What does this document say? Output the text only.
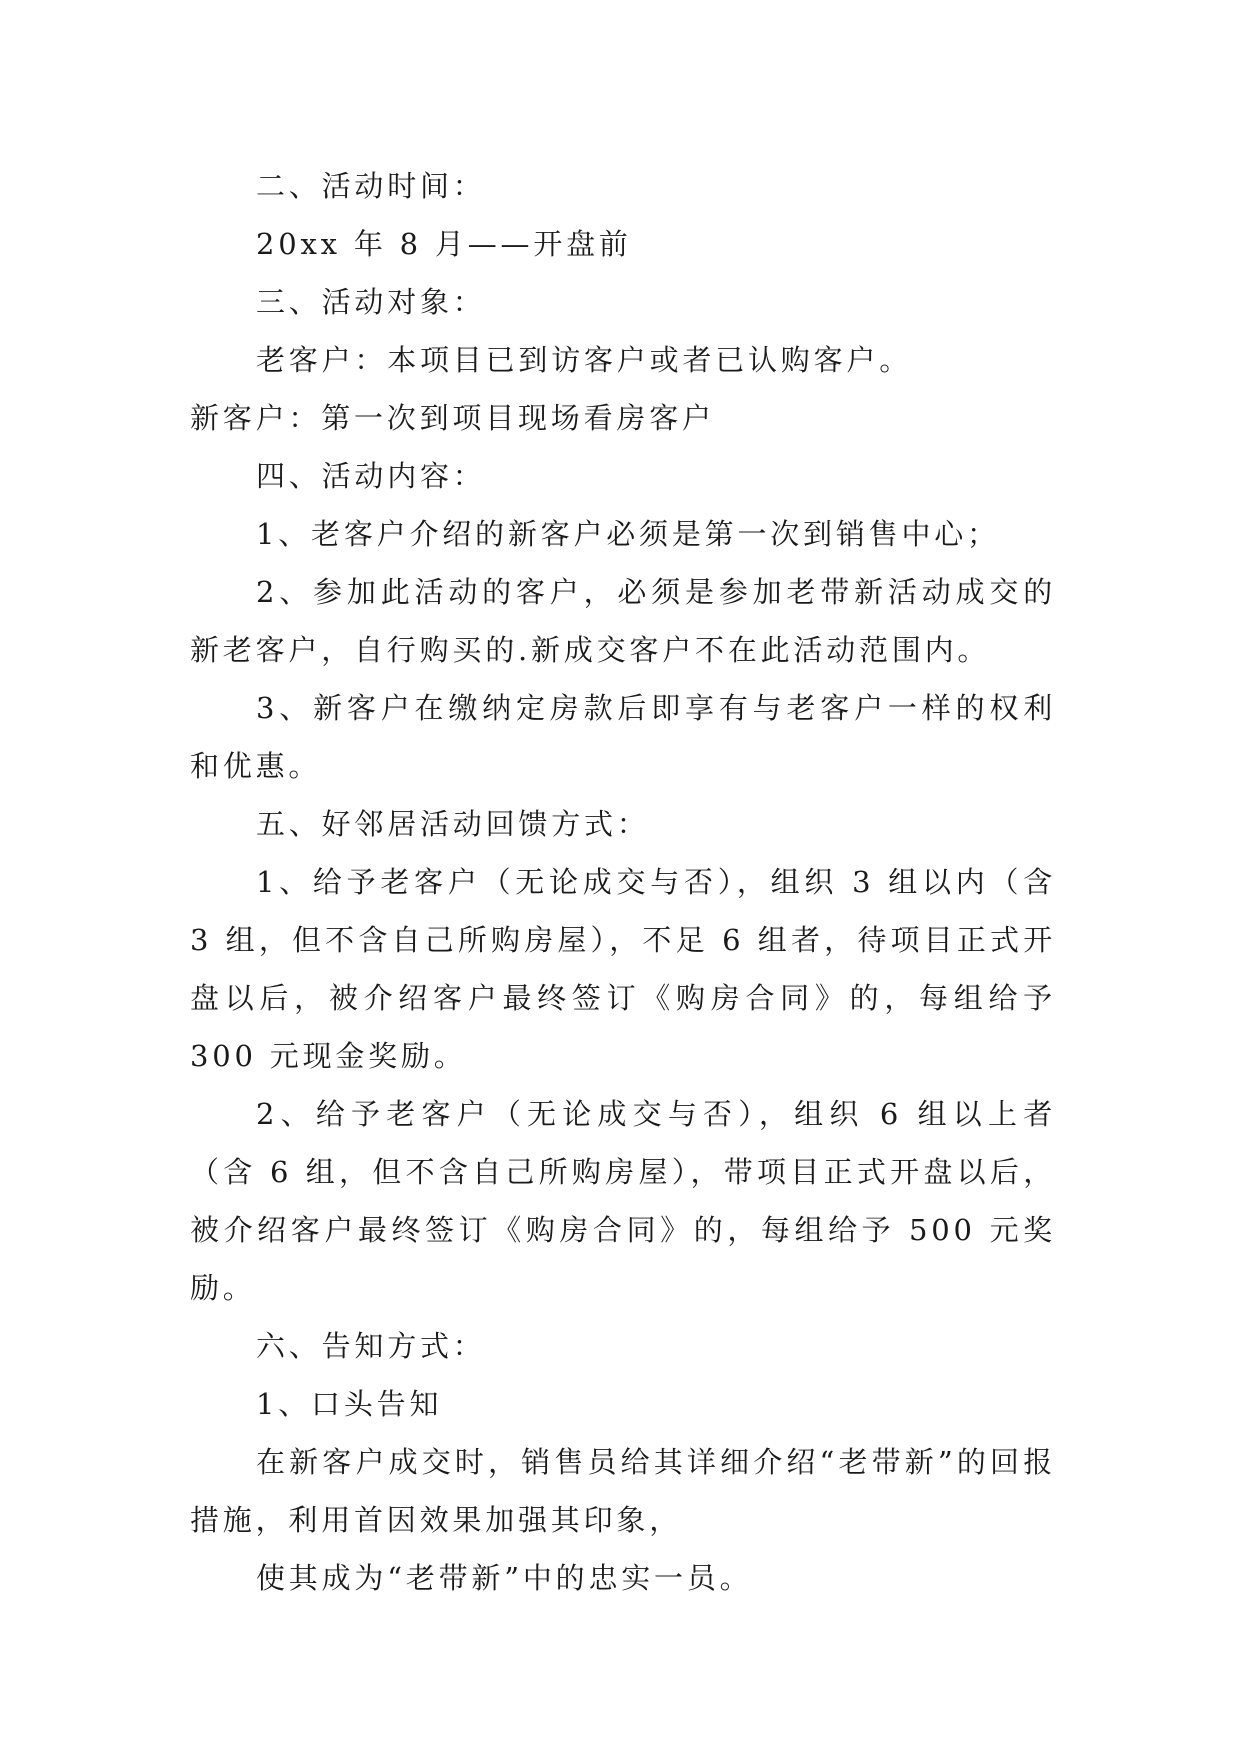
二、活动时间：

20xx 年 8 月——开盘前

三、活动对象：

老客户：本项目已到访客户或者已认购客户。

新客户：第一次到项目现场看房客户

四、活动内容：

1、老客户介绍的新客户必须是第一次到销售中心；

2、参加此活动的客户，必须是参加老带新活动成交的新老客户，自行购买的.新成交客户不在此活动范围内。

3、新客户在缴纳定房款后即享有与老客户一样的权利和优惠。

五、好邻居活动回馈方式：

1、给予老客户（无论成交与否），组织 3 组以内（含 3 组，但不含自己所购房屋），不足 6 组者，待项目正式开盘以后，被介绍客户最终签订《购房合同》的，每组给予 300 元现金奖励。

2、给予老客户（无论成交与否），组织 6 组以上者（含 6 组，但不含自己所购房屋），带项目正式开盘以后，被介绍客户最终签订《购房合同》的，每组给予 500 元奖励。

六、告知方式：

1、口头告知

在新客户成交时，销售员给其详细介绍“老带新”的回报措施，利用首因效果加强其印象，

使其成为“老带新”中的忠实一员。
